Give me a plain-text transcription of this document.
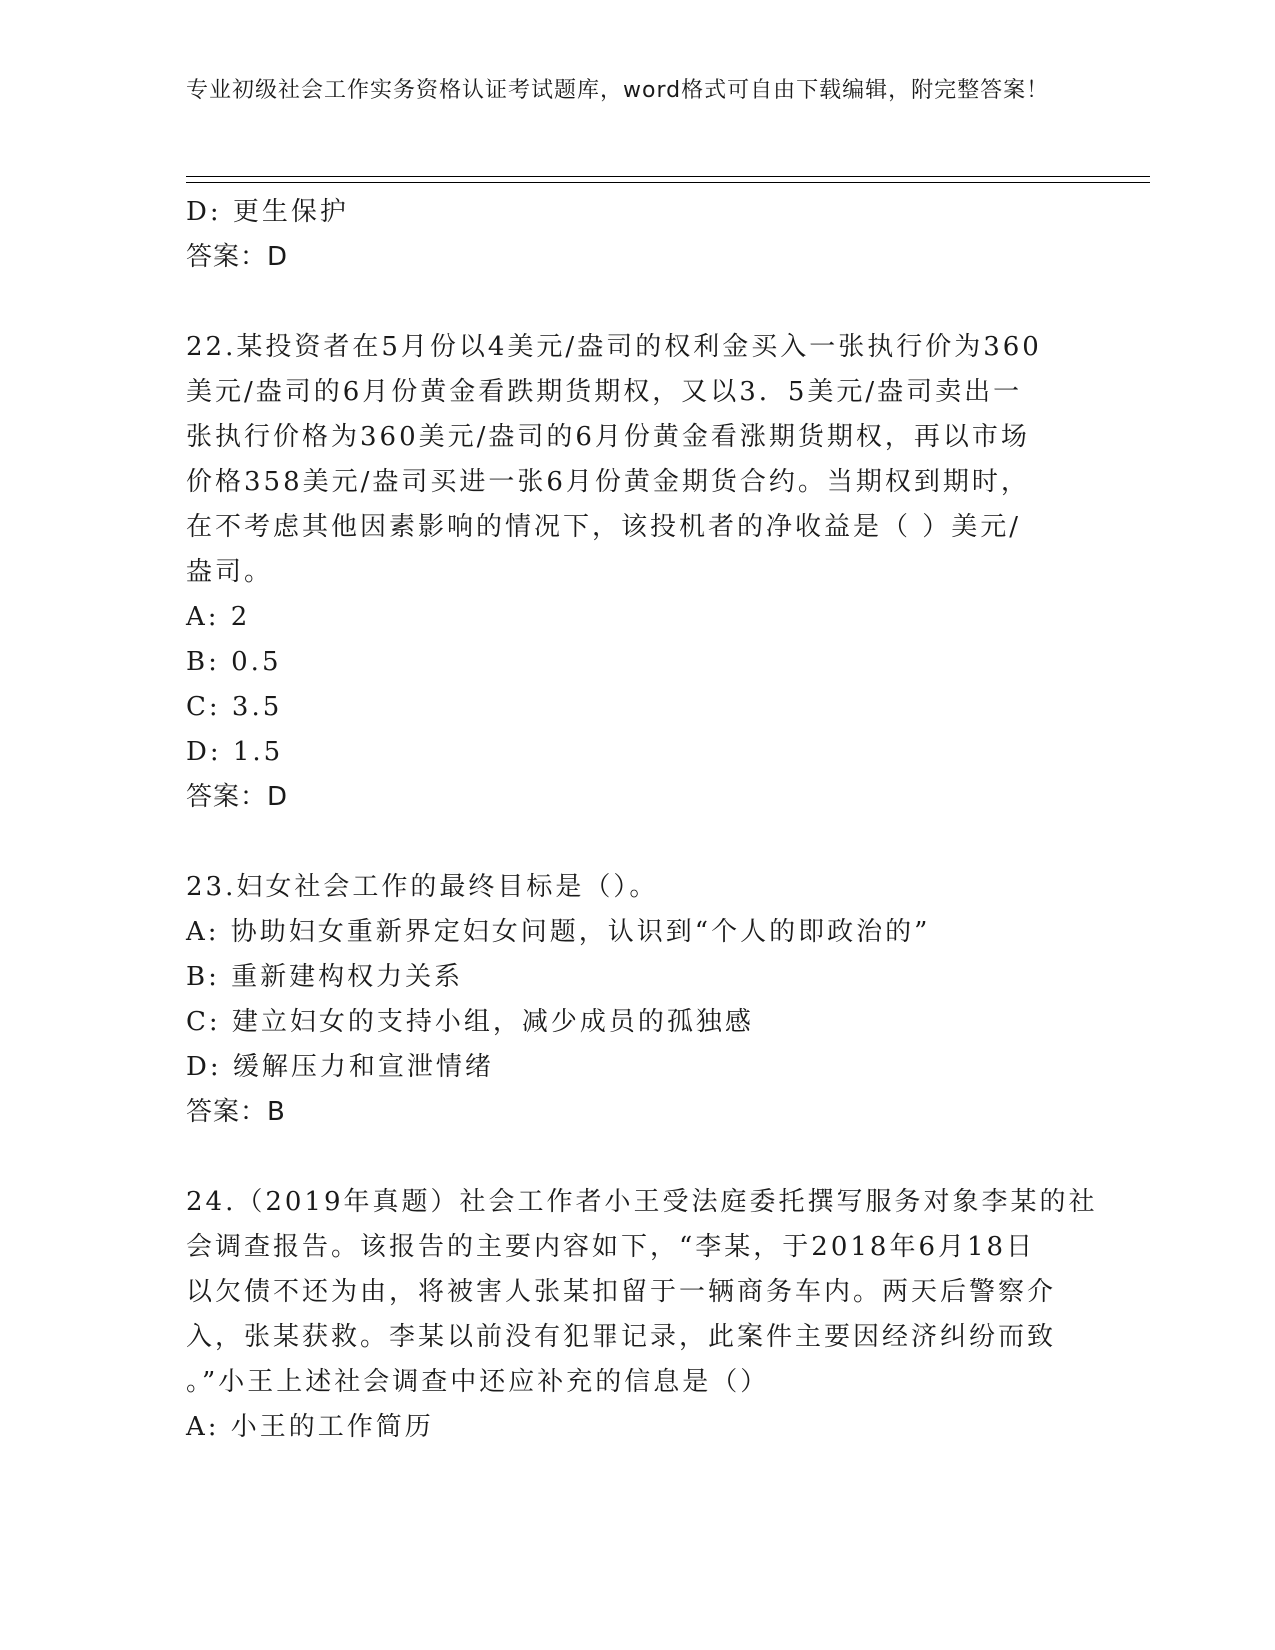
专业初级社会工作实务资格认证考试题库，word格式可自由下载编辑，附完整答案！
D: 更生保护
答案：D
22.某投资者在5月份以4美元/盎司的权利金买入一张执行价为360
美元/盎司的6月份黄金看跌期货期权，又以3．5美元/盎司卖出一
张执行价格为360美元/盎司的6月份黄金看涨期货期权，再以市场
价格358美元/盎司买进一张6月份黄金期货合约。当期权到期时，
在不考虑其他因素影响的情况下，该投机者的净收益是（ ）美元/
盎司。
A: 2
B: 0.5
C: 3.5
D: 1.5
答案：D
23.妇女社会工作的最终目标是（）。
A: 协助妇女重新界定妇女问题，认识到“个人的即政治的”
B: 重新建构权力关系
C: 建立妇女的支持小组，减少成员的孤独感
D: 缓解压力和宣泄情绪
答案：B
24.（2019年真题）社会工作者小王受法庭委托撰写服务对象李某的社
会调查报告。该报告的主要内容如下，“李某，于2018年6月18日
以欠债不还为由，将被害人张某扣留于一辆商务车内。两天后警察介
入，张某获救。李某以前没有犯罪记录，此案件主要因经济纠纷而致
。”小王上述社会调查中还应补充的信息是（）
A: 小王的工作简历
